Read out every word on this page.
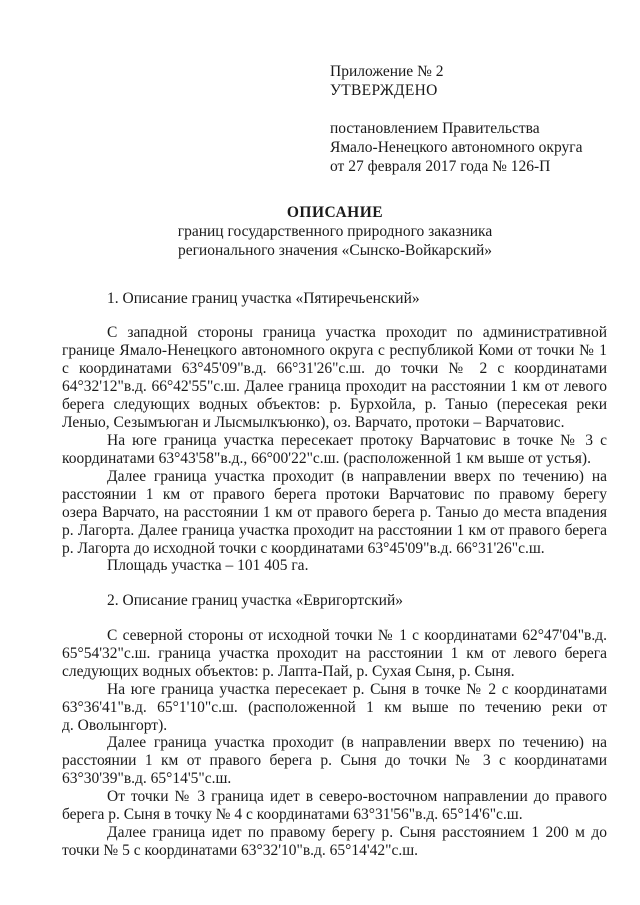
Приложение № 2
УТВЕРЖДЕНО
постановлением Правительства
Ямало-Ненецкого автономного округа
от 27 февраля 2017 года № 126-П
ОПИСАНИЕ
границ государственного природного заказника
регионального значения «Сынско-Войкарский»
1. Описание границ участка «Пятиречьенский»
С западной стороны граница участка проходит по административной
границе Ямало-Ненецкого автономного округа с республикой Коми от точки № 1
с координатами 63°45'09"в.д. 66°31'26"с.ш. до точки № 2 с координатами
64°32'12"в.д. 66°42'55"с.ш. Далее граница проходит на расстоянии 1 км от левого
берега следующих водных объектов: р. Бурхойла, р. Таныо (пересекая реки
Леныо, Сезымъюган и Лысмылкъюнко), оз. Варчато, протоки – Варчатовис.
На юге граница участка пересекает протоку Варчатовис в точке № 3 с
координатами 63°43'58"в.д., 66°00'22"с.ш. (расположенной 1 км выше от устья).
Далее граница участка проходит (в направлении вверх по течению) на
расстоянии 1 км от правого берега протоки Варчатовис по правому берегу
озера Варчато, на расстоянии 1 км от правого берега р. Таныо до места впадения
р. Лагорта. Далее граница участка проходит на расстоянии 1 км от правого берега
р. Лагорта до исходной точки с координатами 63°45'09"в.д. 66°31'26"с.ш.
Площадь участка – 101 405 га.
2. Описание границ участка «Евригортский»
С северной стороны от исходной точки № 1 с координатами 62°47'04"в.д.
65°54'32"с.ш. граница участка проходит на расстоянии 1 км от левого берега
следующих водных объектов: р. Лапта-Пай, р. Сухая Сыня, р. Сыня.
На юге граница участка пересекает р. Сыня в точке № 2 с координатами
63°36'41"в.д. 65°1'10"с.ш. (расположенной 1 км выше по течению реки от
д. Оволынгорт).
Далее граница участка проходит (в направлении вверх по течению) на
расстоянии 1 км от правого берега р. Сыня до точки № 3 с координатами
63°30'39"в.д. 65°14'5"с.ш.
От точки № 3 граница идет в северо-восточном направлении до правого
берега р. Сыня в точку № 4 с координатами 63°31'56"в.д. 65°14'6"с.ш.
Далее граница идет по правому берегу р. Сыня расстоянием 1 200 м до
точки № 5 с координатами 63°32'10"в.д. 65°14'42"с.ш.
